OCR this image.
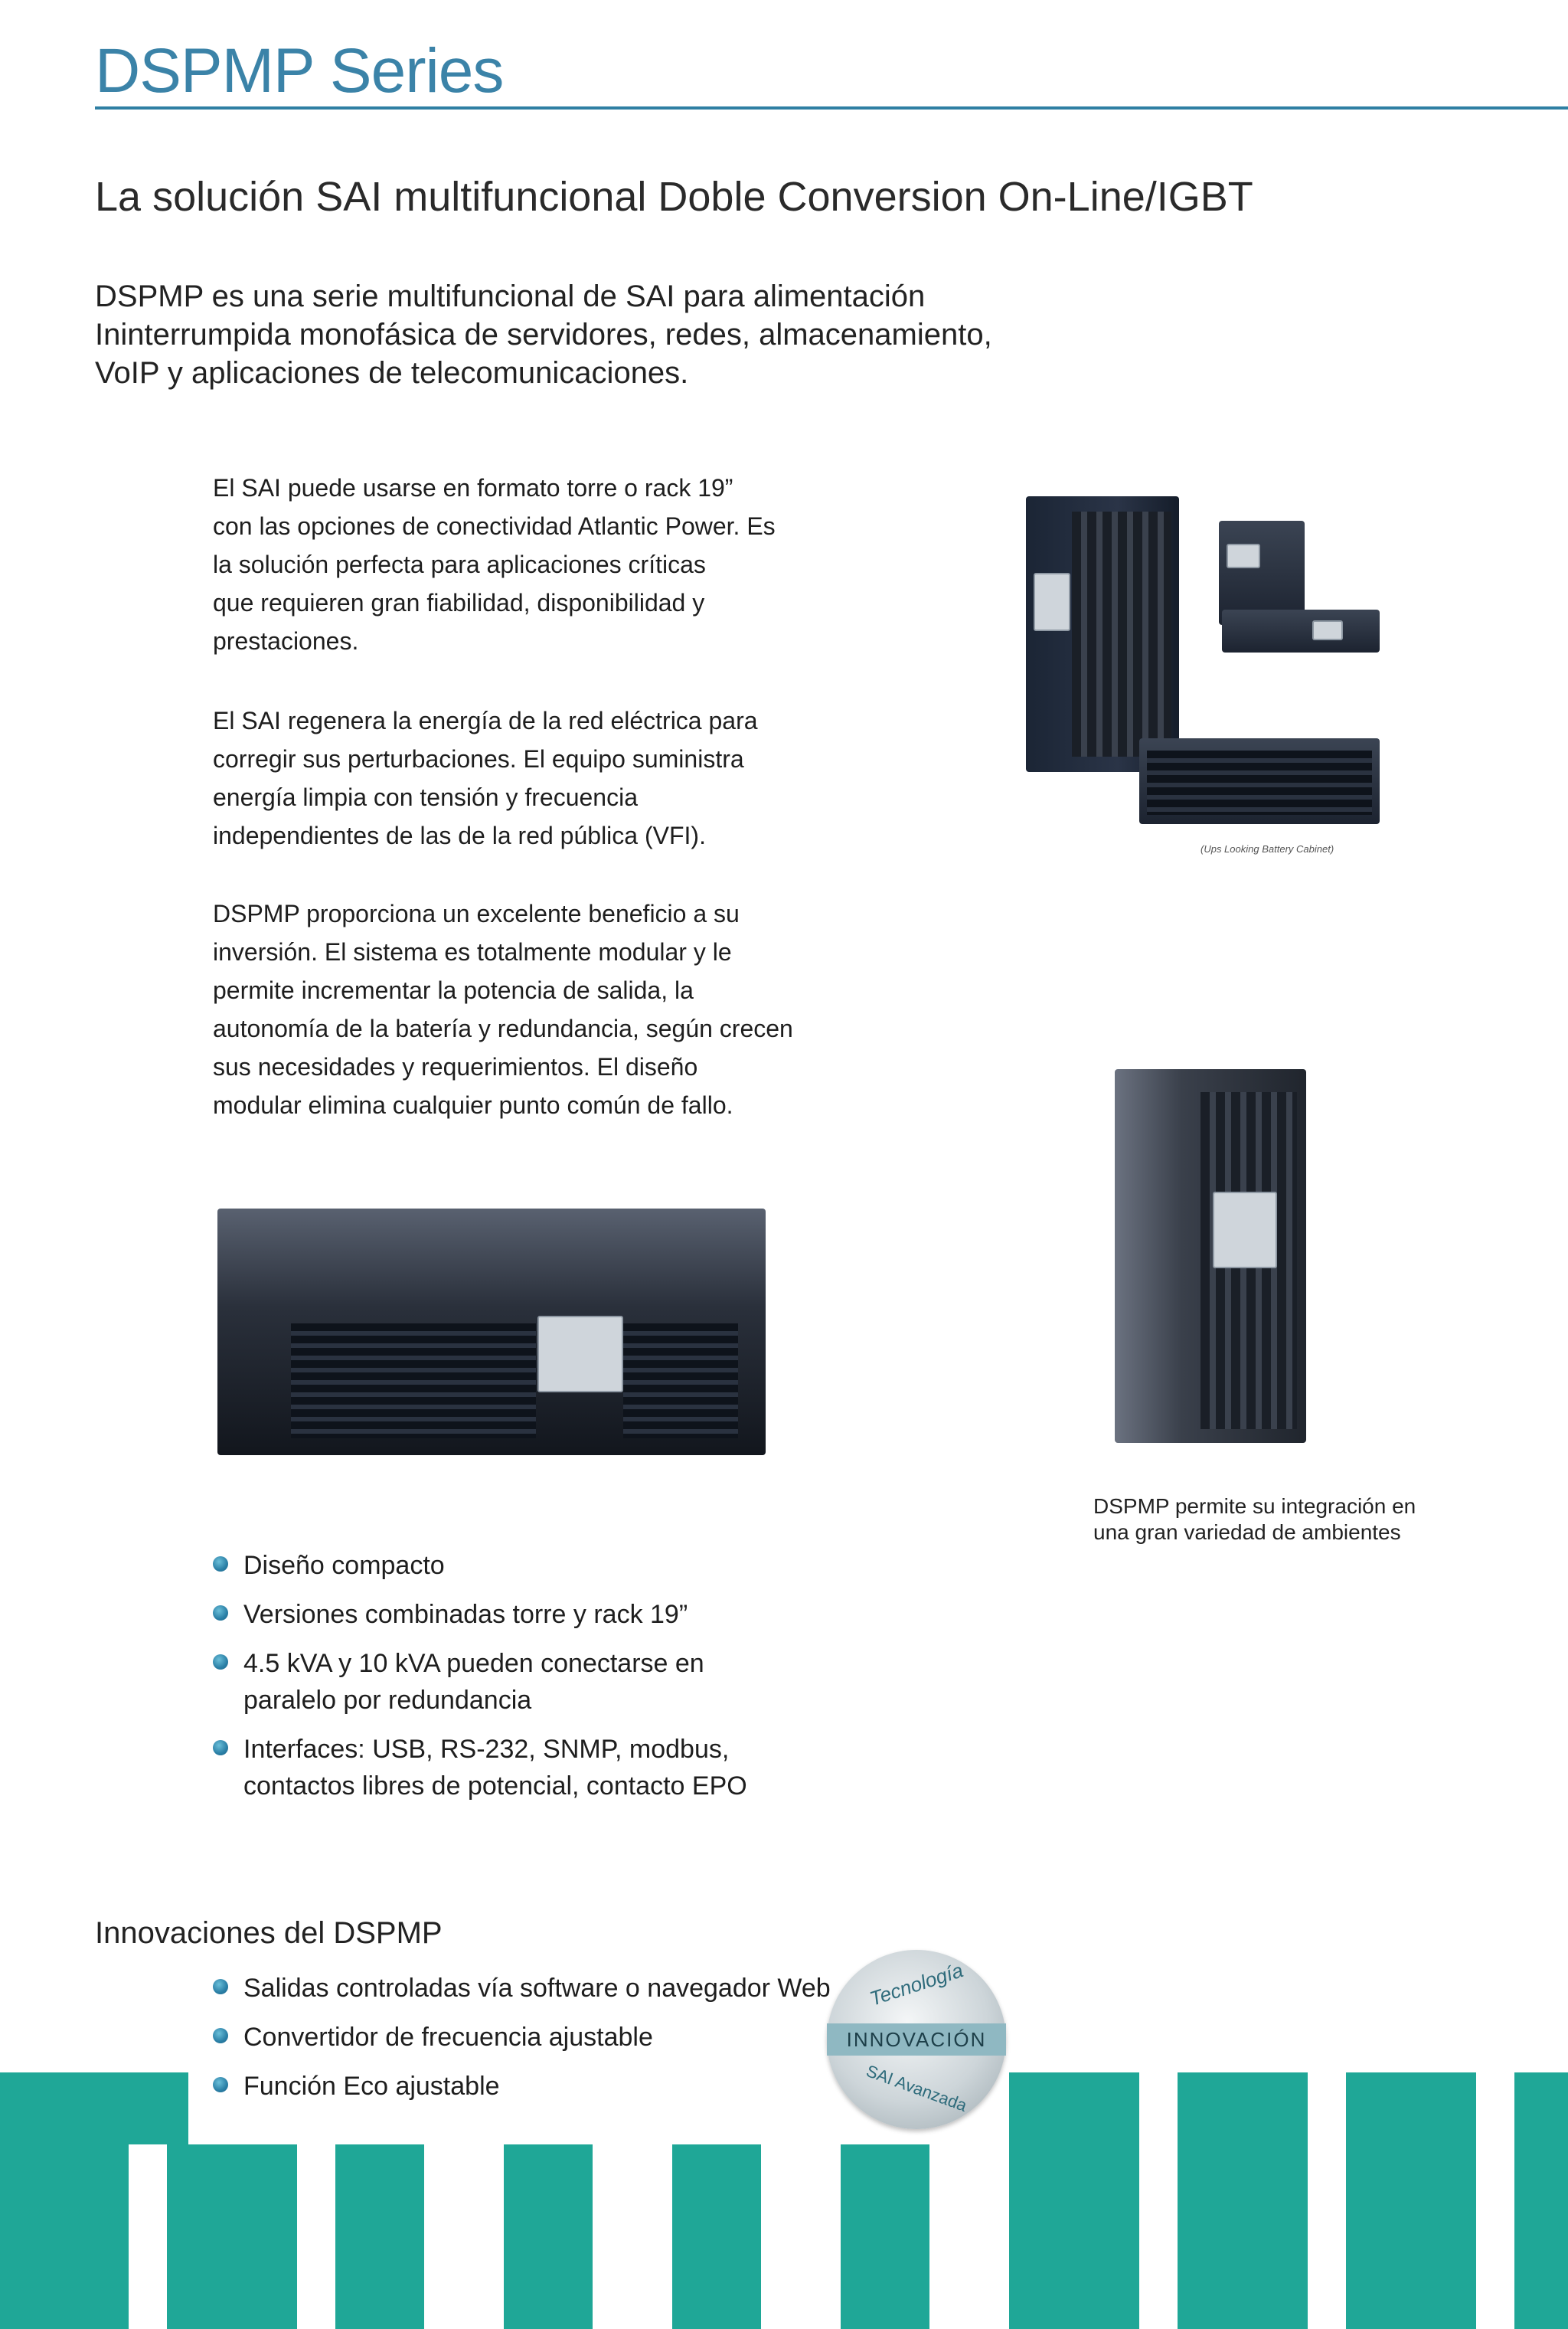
DSPMP Series
La solución SAI multifuncional Doble Conversion On-Line/IGBT
DSPMP es una serie multifuncional de SAI para alimentación
Ininterrumpida monofásica de servidores, redes, almacenamiento,
VoIP y aplicaciones de telecomunicaciones.
El SAI puede usarse en formato torre o rack 19”
con las opciones de conectividad Atlantic Power. Es
la solución perfecta para aplicaciones críticas
que requieren gran fiabilidad, disponibilidad y
prestaciones.
El SAI regenera la energía de la red eléctrica para
corregir sus perturbaciones. El equipo suministra
energía limpia con tensión y frecuencia
independientes de las de la red pública (VFI).
DSPMP proporciona un excelente beneficio a su
inversión. El sistema es totalmente modular y le
permite incrementar la potencia de salida, la
autonomía de la batería y redundancia, según crecen
sus necesidades y requerimientos. El diseño
modular elimina cualquier punto común de fallo.
(Ups Looking Battery Cabinet)
DSPMP permite su integración en
una gran variedad de ambientes
Diseño compacto
Versiones combinadas torre y rack 19”
4.5 kVA y 10 kVA pueden conectarse en
paralelo por redundancia
Interfaces: USB, RS-232, SNMP, modbus,
contactos libres de potencial, contacto EPO
Innovaciones del DSPMP
Salidas controladas vía software o navegador Web
Convertidor de frecuencia ajustable
Función Eco ajustable
Tecnología
INNOVACIÓN
SAI Avanzada
